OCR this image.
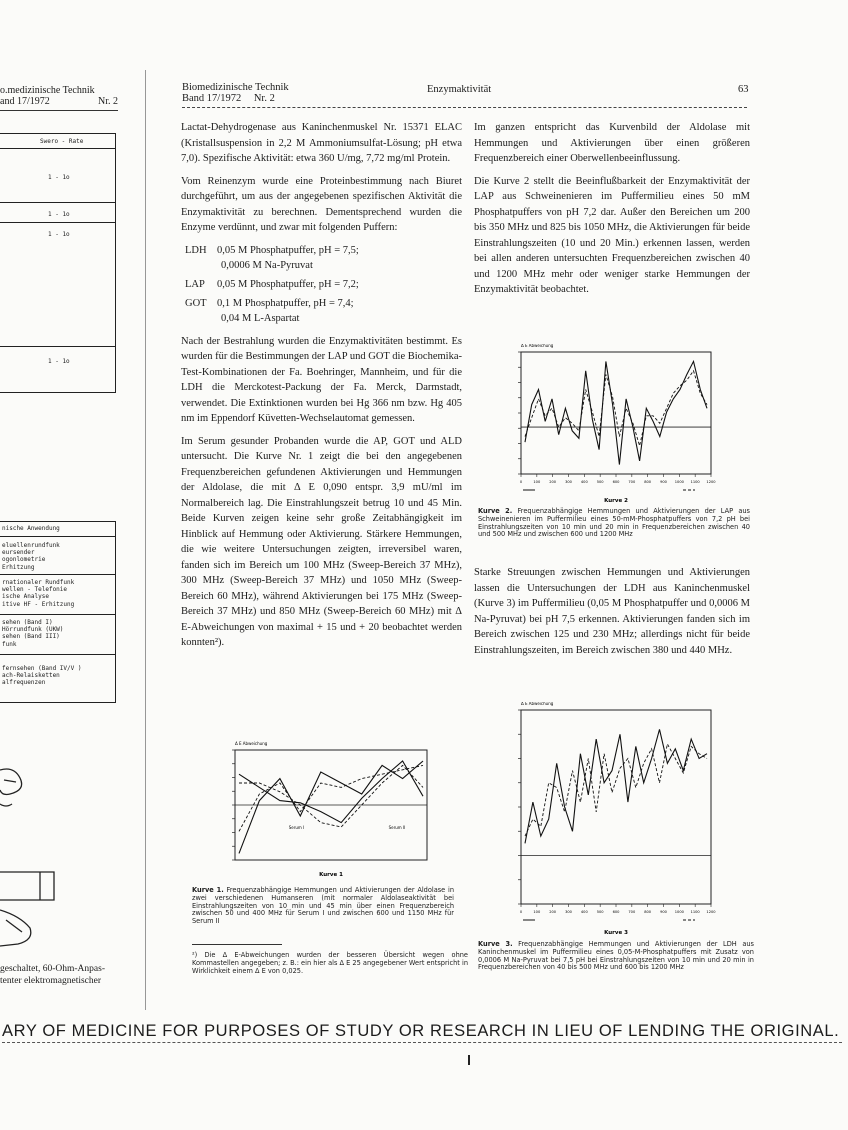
o.medizinische Technik
and 17/1972	Nr. 2
Swero - Rate
1 - 1o
1 - 1o
1 - 1o
1 - 1o
nische Anwendung
eluellenrundfunk
eursender
ogonlometrie
Erhitzung
rnationaler Rundfunk
wellen - Telefonie
ische Analyse
itive HF - Erhitzung
sehen (Band I)
Hörrundfunk (UKW)
sehen (Band III)
funk
fernsehen (Band IV/V )
ach-Relaisketten
alfrequenzen
geschaltet, 60-Ohm-Anpas-
tenter elektromagnetischer
Biomedizinische Technik
Band 17/1972 Nr. 2
Enzymaktivität	63

Lactat-Dehydrogenase aus Kaninchenmuskel Nr. 15371 ELAC (Kristallsuspension in 2,2 M Ammoniumsulfat-Lösung; pH etwa 7,0). Spezifische Aktivität: etwa 360 U/mg, 7,72 mg/ml Protein.

Vom Reinenzym wurde eine Proteinbestimmung nach Biuret durchgeführt, um aus der angegebenen spezifischen Aktivität die Enzymaktivität zu berechnen. Dementsprechend wurden die Enzyme verdünnt, und zwar mit folgenden Puffern:

LDH 0,05 M Phosphatpuffer, pH = 7,5;
0,0006 M Na-Pyruvat
LAP 0,05 M Phosphatpuffer, pH = 7,2;
GOT 0,1 M Phosphatpuffer, pH = 7,4;
0,04 M L-Aspartat

Nach der Bestrahlung wurden die Enzymaktivitäten bestimmt. Es wurden für die Bestimmungen der LAP und GOT die Biochemika-Test-Kombinationen der Fa. Boehringer, Mannheim, und für die LDH die Merckotest-Packung der Fa. Merck, Darmstadt, verwendet. Die Extinktionen wurden bei Hg 366 nm bzw. Hg 405 nm im Eppendorf Küvetten-Wechselautomat gemessen.

Im Serum gesunder Probanden wurde die AP, GOT und ALD untersucht. Die Kurve Nr. 1 zeigt die bei den angegebenen Frequenzbereichen gefundenen Aktivierungen und Hemmungen der Aldolase, die mit Δ E 0,090 entspr. 3,9 mU/ml im Normalbereich lag. Die Einstrahlungszeit betrug 10 und 45 Min. Beide Kurven zeigen keine sehr große Zeitabhängigkeit im Hinblick auf Hemmung oder Aktivierung. Stärkere Hemmungen, die wie weitere Untersuchungen zeigten, irreversibel waren, fanden sich im Bereich um 100 MHz (Sweep-Bereich 37 MHz), 300 MHz (Sweep-Bereich 37 MHz) und 1050 MHz (Sweep-Bereich 60 MHz), während Aktivierungen bei 175 MHz (Sweep-Bereich 37 MHz) und 850 MHz (Sweep-Bereich 60 MHz) mit Δ E-Abweichungen von maximal + 15 und + 20 beobachtet werden konnten²).

Δ E Abweichung
Kurve 1
Serum I	Serum II
Kurve 1. Frequenzabhängige Hemmungen und Aktivierungen der Aldolase in zwei verschiedenen Humanseren (mit normaler Aldolaseaktivität bei Einstrahlungszeiten von 10 min und 45 min über einen Frequenzbereich zwischen 50 und 400 MHz für Serum I und zwischen 600 und 1150 MHz für Serum II
²) Die Δ E-Abweichungen wurden der besseren Übersicht wegen ohne Kommastellen angegeben; z. B.: ein hier als Δ E 25 angegebener Wert entspricht in Wirklichkeit einem Δ E von 0,025.

Im ganzen entspricht das Kurvenbild der Aldolase mit Hemmungen und Aktivierungen über einen größeren Frequenzbereich einer Oberwellenbeeinflussung.

Die Kurve 2 stellt die Beeinflußbarkeit der Enzymaktivität der LAP aus Schweinenieren im Puffermilieu eines 50 mM Phosphatpuffers von pH 7,2 dar. Außer den Bereichen um 200 bis 350 MHz und 825 bis 1050 MHz, die Aktivierungen für beide Einstrahlungszeiten (10 und 20 Min.) erkennen lassen, werden bei allen anderen untersuchten Frequenzbereichen zwischen 40 und 1200 MHz mehr oder weniger starke Hemmungen der Enzymaktivität beobachtet.

Δ E Abweichung
0	100 200 300 400 500 600 700 800 900 1000 1100 1200
Kurve 2
Kurve 2. Frequenzabhängige Hemmungen und Aktivierungen der LAP aus Schweinenieren im Puffermilieu eines 50-mM-Phosphatpuffers von 7,2 pH bei Einstrahlungszeiten von 10 min und 20 min in Frequenzbereichen zwischen 40 und 500 MHz und zwischen 600 und 1200 MHz

Starke Streuungen zwischen Hemmungen und Aktivierungen lassen die Untersuchungen der LDH aus Kaninchenmuskel (Kurve 3) im Puffermilieu (0,05 M Phosphatpuffer und 0,0006 M Na-Pyruvat) bei pH 7,5 erkennen. Aktivierungen fanden sich im Bereich zwischen 125 und 230 MHz; allerdings nicht für beide Einstrahlungszeiten, im Bereich zwischen 380 und 440 MHz.

Δ E Abweichung
0	100 200 300 400 500 600 700 800 900 1000 1100 1200
Kurve 3
Kurve 3. Frequenzabhängige Hemmungen und Aktivierungen der LDH aus Kaninchenmuskel im Puffermilieu eines 0,05-M-Phosphatpuffers mit Zusatz von 0,0006 M Na-Pyruvat bei 7,5 pH bei Einstrahlungszeiten von 10 min und 20 min in Frequenzbereichen von 40 bis 500 MHz und 600 bis 1200 MHz
ARY OF MEDICINE FOR PURPOSES OF STUDY OR RESEARCH IN LIEU OF LENDING THE ORIGINAL.
